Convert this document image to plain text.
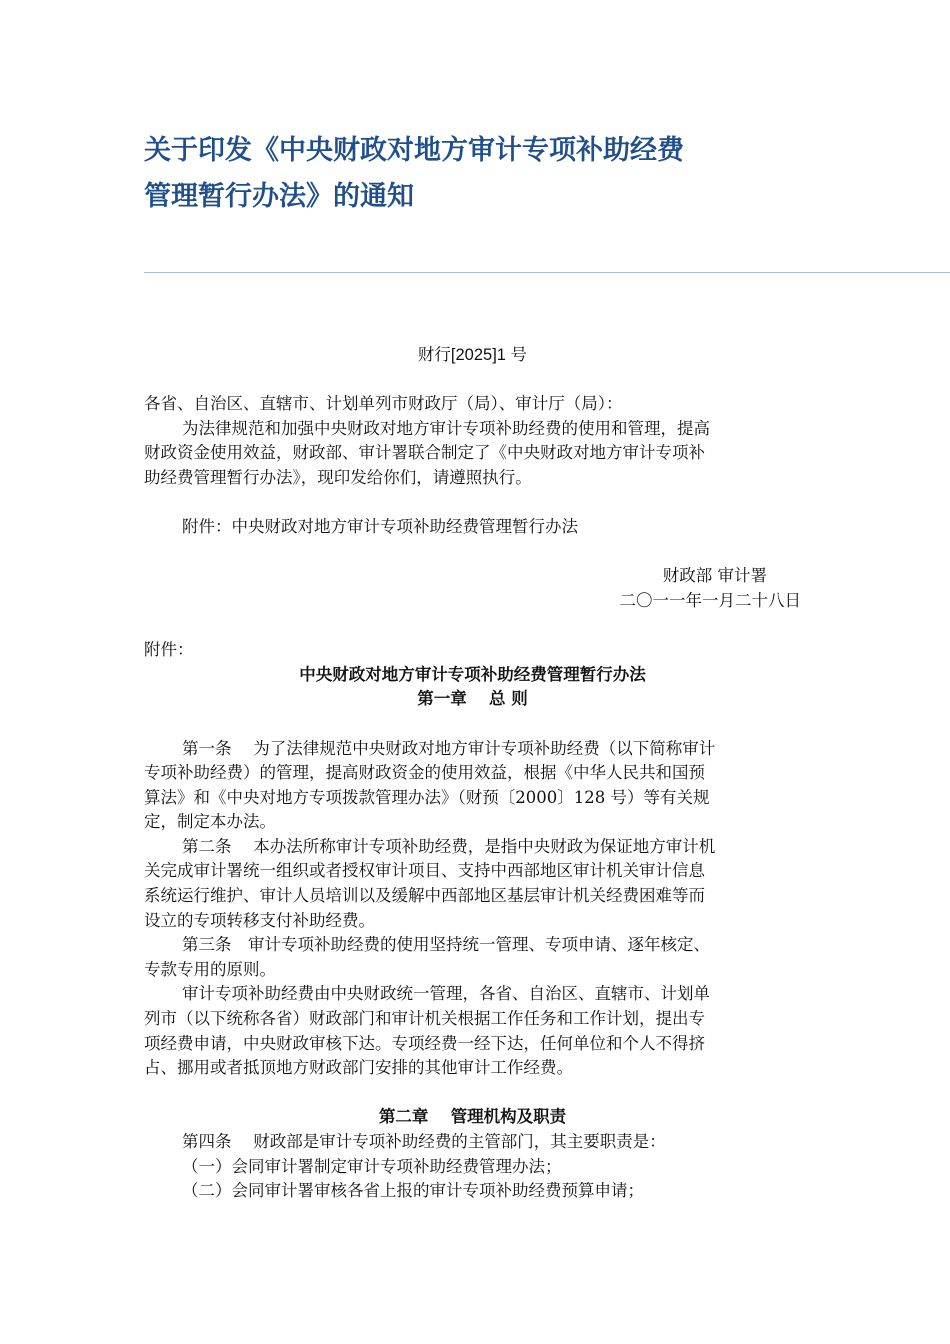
关于印发《中央财政对地方审计专项补助经费
管理暂行办法》的通知
财行[2025]1 号
各省、自治区、直辖市、计划单列市财政厅（局）、审计厅（局）：
为法律规范和加强中央财政对地方审计专项补助经费的使用和管理，提高
财政资金使用效益，财政部、审计署联合制定了《中央财政对地方审计专项补
助经费管理暂行办法》，现印发给你们，请遵照执行。
附件：中央财政对地方审计专项补助经费管理暂行办法
财政部 审计署
二〇一一年一月二十八日
附件：
中央财政对地方审计专项补助经费管理暂行办法
第一章　 总 则
第一条　 为了法律规范中央财政对地方审计专项补助经费（以下简称审计
专项补助经费）的管理，提高财政资金的使用效益，根据《中华人民共和国预
算法》和《中央对地方专项拨款管理办法》（财预〔2000〕128 号）等有关规
定，制定本办法。
第二条　 本办法所称审计专项补助经费，是指中央财政为保证地方审计机
关完成审计署统一组织或者授权审计项目、支持中西部地区审计机关审计信息
系统运行维护、审计人员培训以及缓解中西部地区基层审计机关经费困难等而
设立的专项转移支付补助经费。
第三条　审计专项补助经费的使用坚持统一管理、专项申请、逐年核定、
专款专用的原则。
审计专项补助经费由中央财政统一管理，各省、自治区、直辖市、计划单
列市（以下统称各省）财政部门和审计机关根据工作任务和工作计划，提出专
项经费申请，中央财政审核下达。专项经费一经下达，任何单位和个人不得挤
占、挪用或者抵顶地方财政部门安排的其他审计工作经费。
第二章　 管理机构及职责
第四条　 财政部是审计专项补助经费的主管部门，其主要职责是：
（一）会同审计署制定审计专项补助经费管理办法；
（二）会同审计署审核各省上报的审计专项补助经费预算申请；
